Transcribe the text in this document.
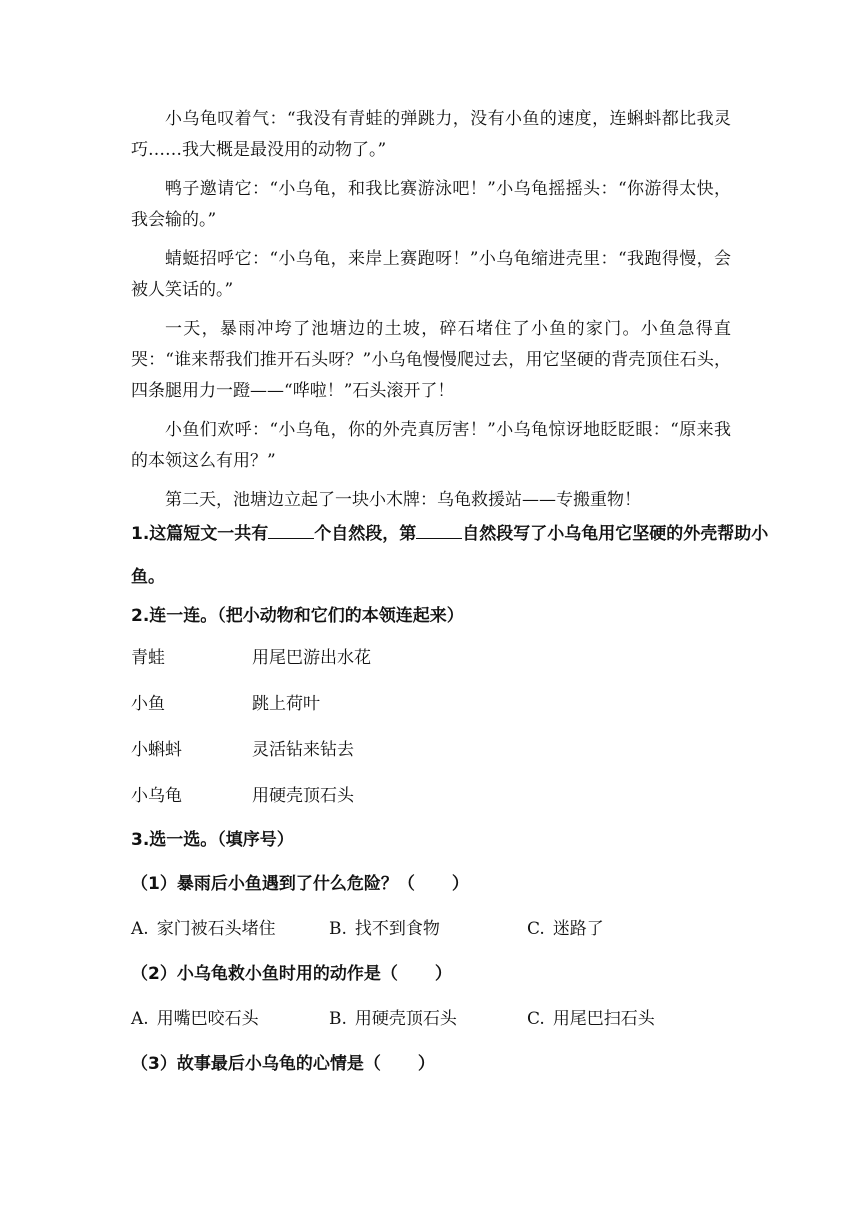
小乌龟叹着气：“我没有青蛙的弹跳力，没有小鱼的速度，连蝌蚪都比我灵巧……我大概是最没用的动物了。”

鸭子邀请它：“小乌龟，和我比赛游泳吧！”小乌龟摇摇头：“你游得太快，我会输的。”

蜻蜓招呼它：“小乌龟，来岸上赛跑呀！”小乌龟缩进壳里：“我跑得慢，会被人笑话的。”

一天，暴雨冲垮了池塘边的土坡，碎石堵住了小鱼的家门。小鱼急得直哭：“谁来帮我们推开石头呀？”小乌龟慢慢爬过去，用它坚硬的背壳顶住石头，四条腿用力一蹬——“哗啦！”石头滚开了！

小鱼们欢呼：“小乌龟，你的外壳真厉害！”小乌龟惊讶地眨眨眼：“原来我的本领这么有用？”

第二天，池塘边立起了一块小木牌：乌龟救援站——专搬重物！

1.这篇短文一共有	个自然段，第	自然段写了小乌龟用它坚硬的外壳帮助小鱼。
2.连一连。（把小动物和它们的本领连起来）
青蛙	用尾巴游出水花
小鱼	跳上荷叶
小蝌蚪	灵活钻来钻去
小乌龟	用硬壳顶石头
3.选一选。（填序号）
（1）暴雨后小鱼遇到了什么危险？（ ）
A. 家门被石头堵住	B. 找不到食物	C. 迷路了
（2）小乌龟救小鱼时用的动作是（ ）
A. 用嘴巴咬石头	B. 用硬壳顶石头	C. 用尾巴扫石头
（3）故事最后小乌龟的心情是（ ）
